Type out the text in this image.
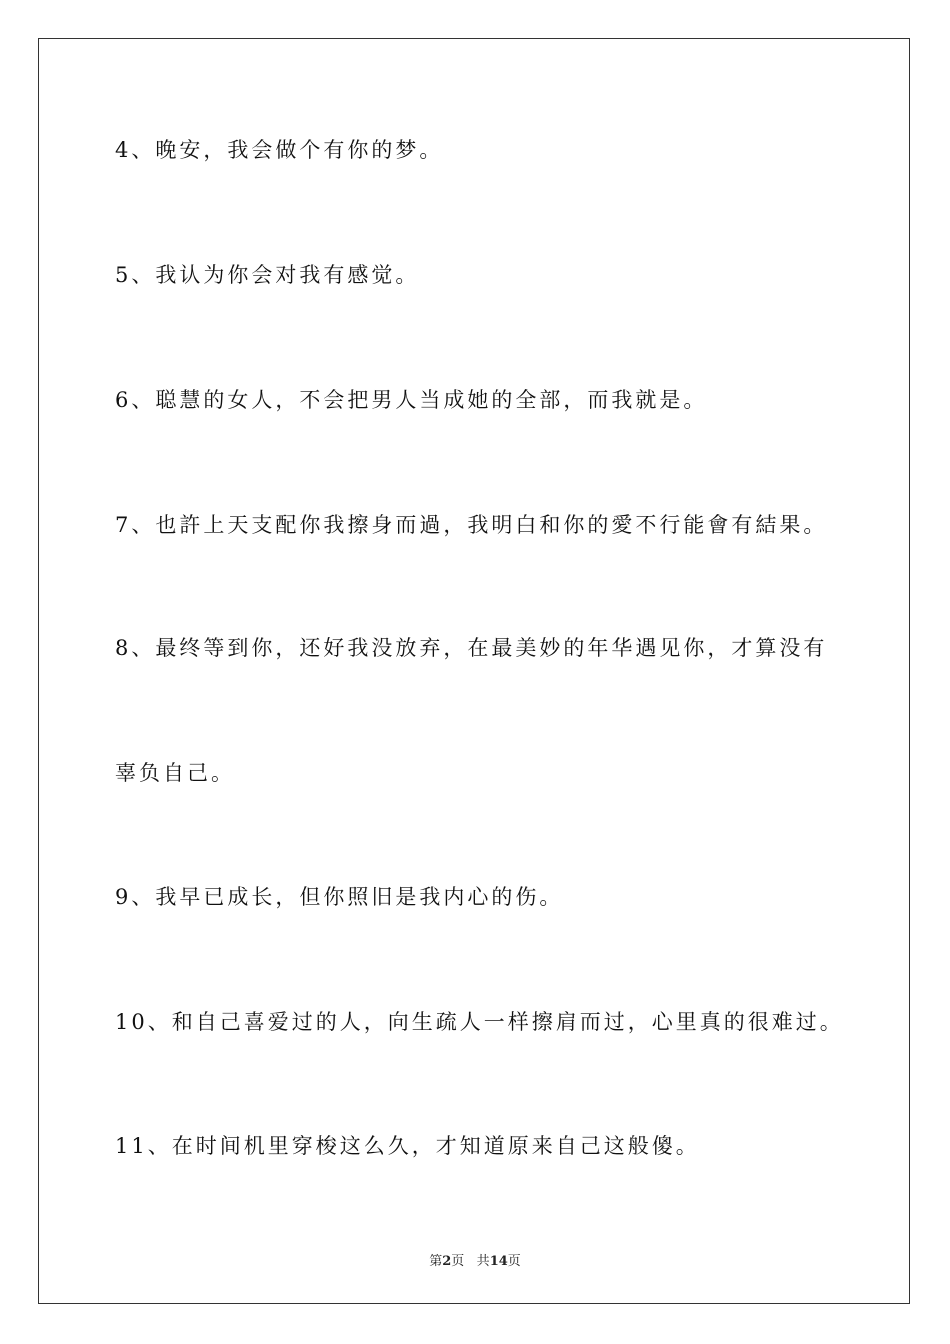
4、晚安，我会做个有你的梦。
5、我认为你会对我有感觉。
6、聪慧的女人，不会把男人当成她的全部，而我就是。
7、也許上天支配你我擦身而過，我明白和你的愛不行能會有結果。
8、最终等到你，还好我没放弃，在最美妙的年华遇见你，才算没有
辜负自己。
9、我早已成长，但你照旧是我内心的伤。
10、和自己喜爱过的人，向生疏人一样擦肩而过，心里真的很难过。
11、在时间机里穿梭这么久，才知道原来自己这般傻。
第2页 共14页
